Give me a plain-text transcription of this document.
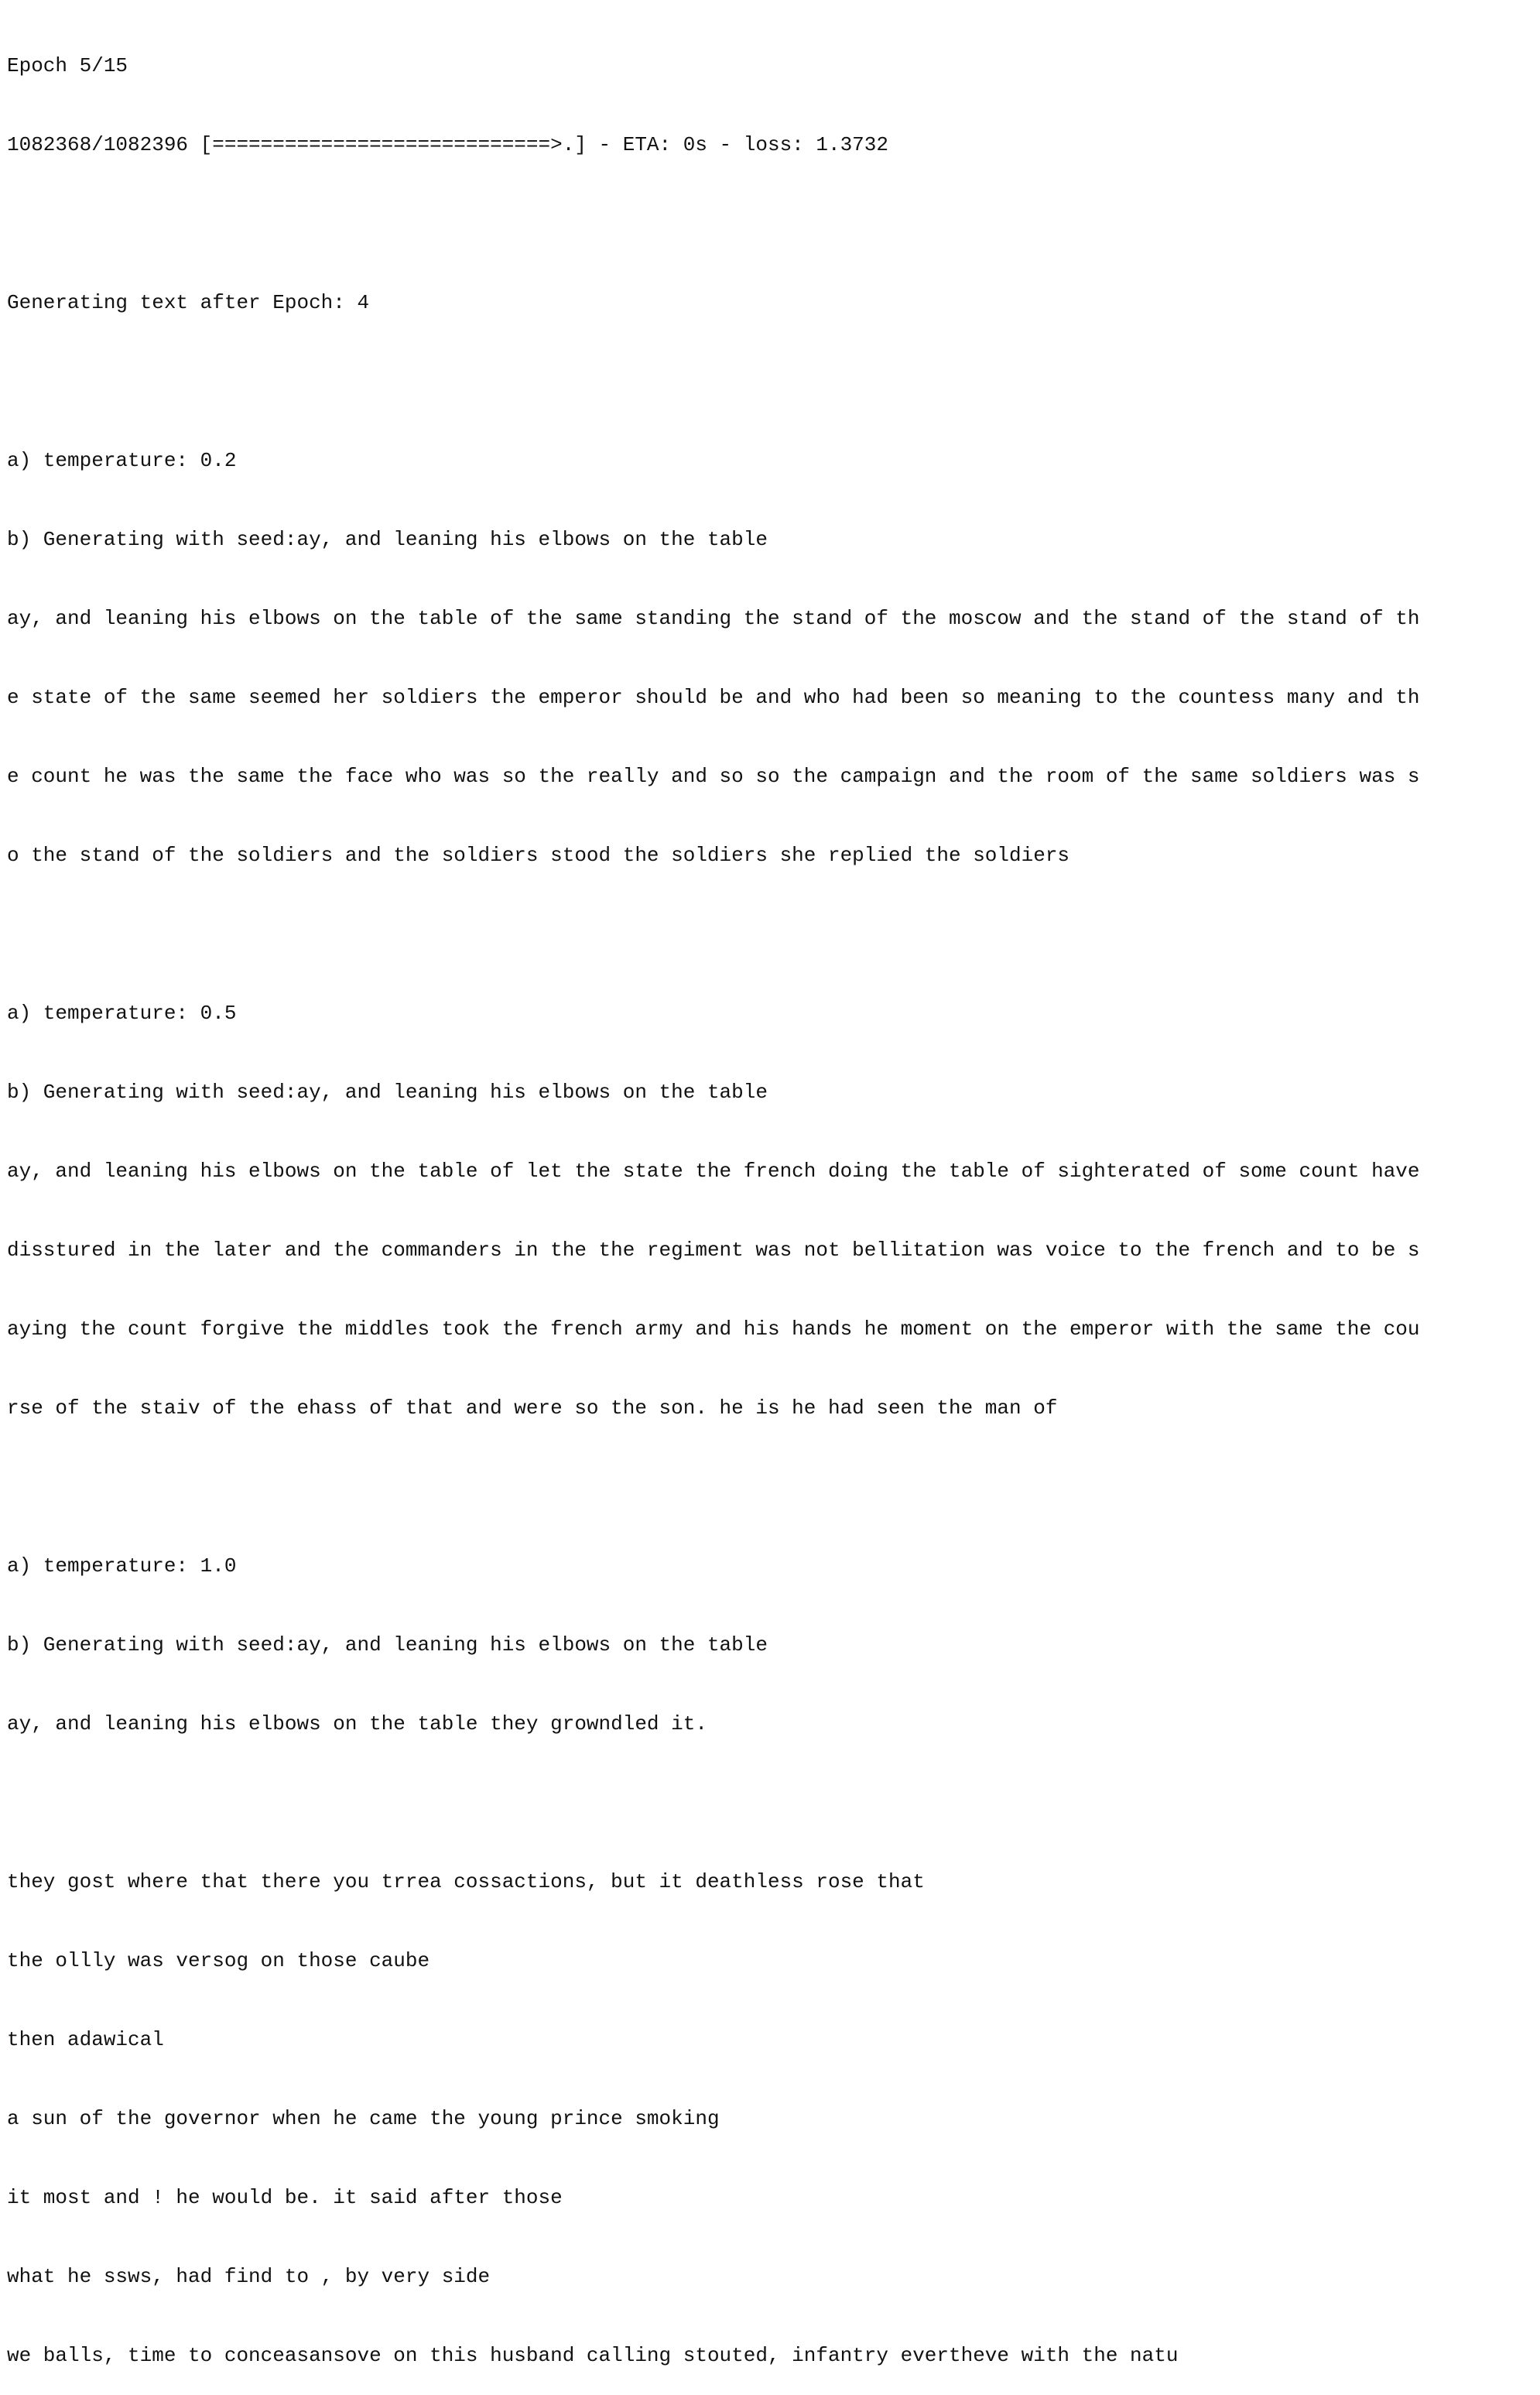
Epoch 5/15

1082368/1082396 [============================>.] - ETA: 0s - loss: 1.3732

Generating text after Epoch: 4

a) temperature: 0.2

b) Generating with seed:ay, and leaning his elbows on the table

ay, and leaning his elbows on the table of the same standing the stand of the moscow and the stand of the stand of th

e state of the same seemed her soldiers the emperor should be and who had been so meaning to the countess many and th

e count he was the same the face who was so the really and so so the campaign and the room of the same soldiers was s

o the stand of the soldiers and the soldiers stood the soldiers she replied the soldiers

a) temperature: 0.5

b) Generating with seed:ay, and leaning his elbows on the table

ay, and leaning his elbows on the table of let the state the french doing the table of sighterated of some count have

disstured in the later and the commanders in the the regiment was not bellitation was voice to the french and to be s

aying the count forgive the middles took the french army and his hands he moment on the emperor with the same the cou

rse of the staiv of the ehass of that and were so the son. he is he had seen the man of

a) temperature: 1.0

b) Generating with seed:ay, and leaning his elbows on the table

ay, and leaning his elbows on the table they growndled it.

they gost where that there you trrea cossactions, but it deathless rose that

the ollly was versog on those caube

then adawical

a sun of the governor when he came the young prince smoking

it most and ! he would be. it said after those

what he ssws, had find to , by very side

we balls, time to conceasansove on this husband calling stouted, infantry evertheve with the natu
